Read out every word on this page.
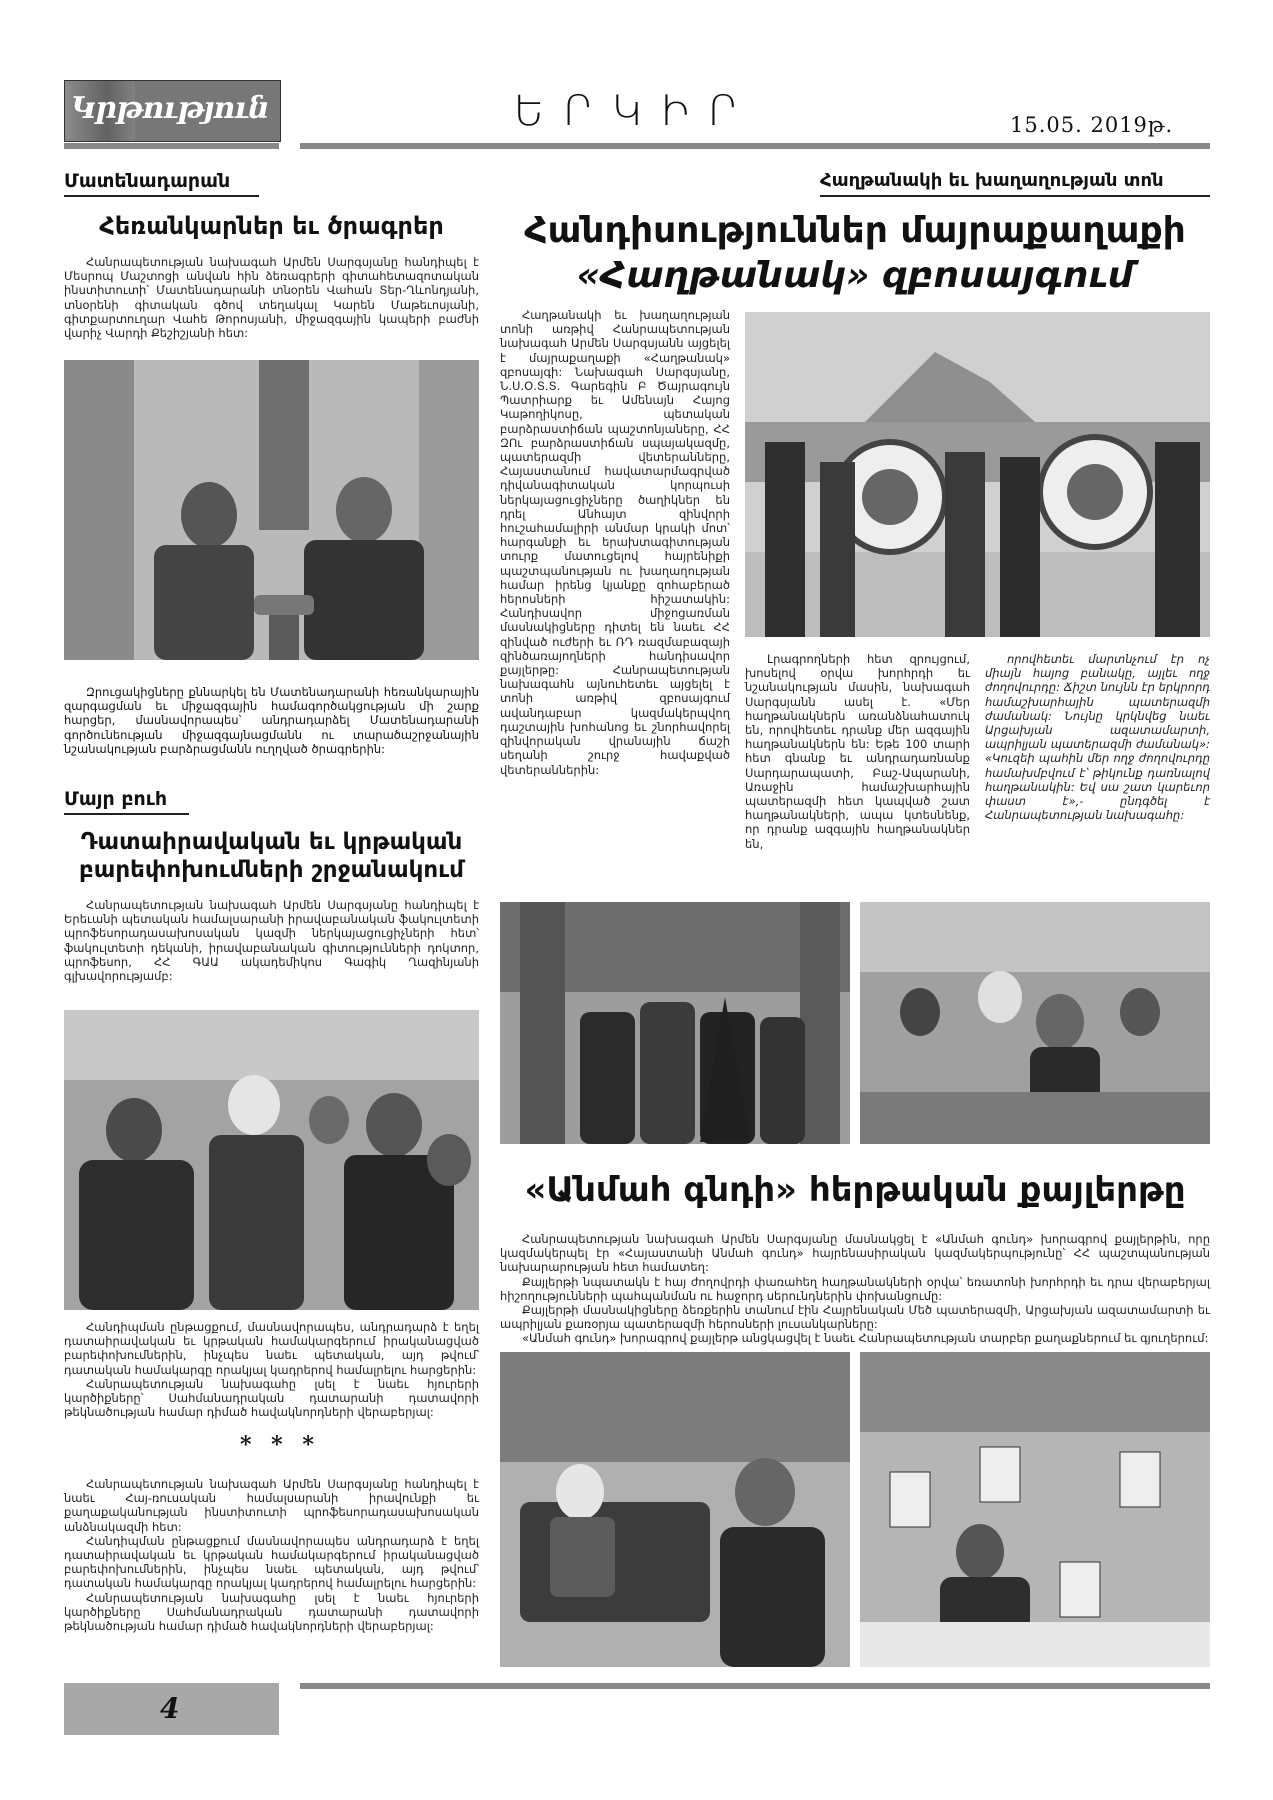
Կրթություն	ԵՐԿԻՐ	15.05. 2019թ.
Մատենադարան
Հեռանկարներ եւ ծրագրեր

Հանրապետության նախագահ Արմեն Սարգսյանը հանդիպել է Մեսրոպ Մաշտոցի անվան հին ձեռագրերի գիտահետազոտական ինստիտուտի՝ Մատենադարանի տնօրեն Վահան Տեր-Ղևոնդյանի, տնօրենի գիտական գծով տեղակալ Կարեն Մաթեւոսյանի, գիտքարտուղար Վահե Թորոսյանի, միջազգային կապերի բաժնի վարիչ Վարդի Քեշիշյանի հետ:

Զրուցակիցները քննարկել են Մատենադարանի հեռանկարային զարգացման եւ միջազգային համագործակցության մի շարք հարցեր, մասնավորապես՝ անդրադարձել Մատենադարանի գործունեության միջազգայնացմանն ու տարածաշրջանային նշանակության բարձրացմանն ուղղված ծրագրերին:

Մայր բուհ
Դատաիրավական եւ կրթական բարեփոխումների շրջանակում

Հանրապետության նախագահ Արմեն Սարգսյանը հանդիպել է Երեւանի պետական համալսարանի իրավաբանական ֆակուլտետի պրոֆեսորադասախոսական կազմի ներկայացուցիչների հետ՝ ֆակուլտետի դեկանի, իրավաբանական գիտությունների դոկտոր, պրոֆեսոր, ՀՀ ԳԱԱ ակադեմիկոս Գագիկ Ղազինյանի գլխավորությամբ:

Հանդիպման ընթացքում, մասնավորապես, անդրադարձ է եղել դատաիրավական եւ կրթական համակարգերում իրականացված բարեփոխումներին, ինչպես նաեւ պետական, այդ թվում՝ դատական համակարգը որակյալ կադրերով համալրելու հարցերին:

Հանրապետության նախագահը լսել է նաեւ հյուրերի կարծիքները՝ Սահմանադրական դատարանի դատավորի թեկնածության համար դիմած հավակնորդների վերաբերյալ:

* * *

Հանրապետության նախագահ Արմեն Սարգսյանը հանդիպել է նաեւ Հայ-ռուսական համալսարանի իրավունքի եւ քաղաքականության ինստիտուտի պրոֆեսորադասախոսական անձնակազմի հետ:

Հանդիպման ընթացքում մասնավորապես անդրադարձ է եղել դատաիրավական եւ կրթական համակարգերում իրականացված բարեփոխումներին, ինչպես նաեւ պետական, այդ թվում՝ դատական համակարգը որակյալ կադրերով համալրելու հարցերին:

Հանրապետության նախագահը լսել է նաեւ հյուրերի կարծիքները Սահմանադրական դատարանի դատավորի թեկնածության համար դիմած հավակնորդների վերաբերյալ:

Հաղթանակի եւ խաղաղության տոն
Հանդիսություններ մայրաքաղաքի
«Հաղթանակ» զբոսայգում

Հաղթանակի եւ խաղաղության տոնի առթիվ Հանրապետության նախագահ Արմեն Սարգսյանն այցելել է մայրաքաղաքի «Հաղթանակ» զբոսայգի: Նախագահ Սարգսյանը, Ն.Ս.Օ.Տ.Տ. Գարեգին Բ Ծայրագույն Պատրիարք եւ Ամենայն Հայոց Կաթողիկոսը, պետական բարձրաստիճան պաշտոնյաները, ՀՀ ԶՈւ բարձրաստիճան սպայակազմը, պատերազմի վետերանները, Հայաստանում հավատարմագրված դիվանագիտական կորպուսի ներկայացուցիչները ծաղիկներ են դրել Անհայտ զինվորի հուշահամալիրի անմար կրակի մոտ՝ հարգանքի եւ երախտագիտության տուրք մատուցելով հայրենիքի պաշտպանության ու խաղաղության համար իրենց կյանքը զոհաբերած հերոսների հիշատակին: Հանդիսավոր միջոցառման մասնակիցները դիտել են նաեւ ՀՀ զինված ուժերի եւ ՌԴ ռազմաբազայի զինծառայողների հանդիսավոր քայլերթը: Հանրապետության նախագահն այնուհետեւ այցելել է տոնի առթիվ զբոսայգում ավանդաբար կազմակերպվող դաշտային խոհանոց եւ շնորհավորել զինվորական վրանային ճաշի սեղանի շուրջ հավաքված վետերաններին:

Լրագրողների հետ զրույցում, խոսելով օրվա խորհրդի եւ նշանակության մասին, նախագահ Սարգսյանն ասել է. «Մեր հաղթանակներն առանձնահատուկ են, որովհետեւ դրանք մեր ազգային հաղթանակներն են: Եթե 100 տարի հետ գնանք եւ անդրադառնանք Սարդարապատի, Բաշ-Ապարանի, Առաջին համաշխարհային պատերազմի հետ կապված շատ հաղթանակների, ապա կտեսնենք, որ դրանք ազգային հաղթանակներ են,

որովհետեւ մարտնչում էր ոչ միայն հայոց բանակը, այլեւ ողջ ժողովուրդը: Ճիշտ նույնն էր երկրորդ համաշխարհային պատերազմի ժամանակ: Նույնը կրկնվեց նաեւ Արցախյան ազատամարտի, ապրիլյան պատերազմի ժամանակ»: «Կուզեի պահին մեր ողջ ժողովուրդը համախմբվում է՝ թիկունք դառնալով հաղթանակին: Եվ սա շատ կարեւոր փաստ է»,- ընդգծել է Հանրապետության նախագահը:

«Անմահ գնդի» հերթական քայլերթը

Հանրապետության նախագահ Արմեն Սարգսյանը մասնակցել է «Անմահ գունդ» խորագրով քայլերթին, որը կազմակերպել էր «Հայաստանի Անմահ գունդ» հայրենասիրական կազմակերպությունը՝ ՀՀ պաշտպանության նախարարության հետ համատեղ:

Քայլերթի նպատակն է հայ ժողովրդի փառահեղ հաղթանակների օրվա՝ եռատոնի խորհրդի եւ դրա վերաբերյալ հիշողությունների պահպանման ու հաջորդ սերունդներին փոխանցումը:

Քայլերթի մասնակիցները ձեռքերին տանում էին Հայրենական Մեծ պատերազմի, Արցախյան ազատամարտի եւ ապրիլյան քառօրյա պատերազմի հերոսների լուսանկարները:

«Անմահ գունդ» խորագրով քայլերթ անցկացվել է նաեւ Հանրապետության տարբեր քաղաքներում եւ գյուղերում:

4
